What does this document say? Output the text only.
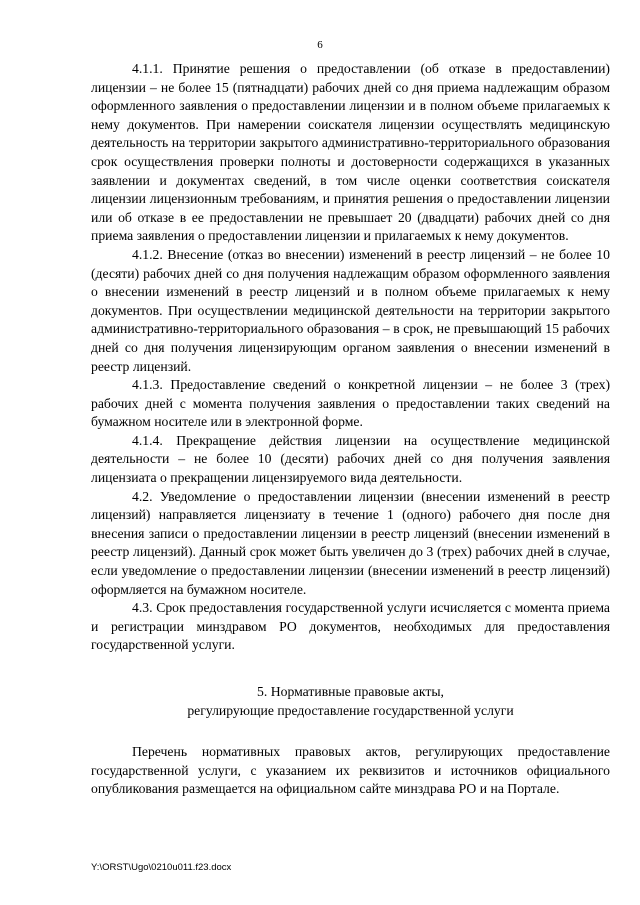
6

4.1.1. Принятие решения о предоставлении (об отказе в предоставлении) лицензии – не более 15 (пятнадцати) рабочих дней со дня приема надлежащим образом оформленного заявления о предоставлении лицензии и в полном объеме прилагаемых к нему документов. При намерении соискателя лицензии осуществлять медицинскую деятельность на территории закрытого административно-территориального образования срок осуществления проверки полноты и достоверности содержащихся в указанных заявлении и документах сведений, в том числе оценки соответствия соискателя лицензии лицензионным требованиям, и принятия решения о предоставлении лицензии или об отказе в ее предоставлении не превышает 20 (двадцати) рабочих дней со дня приема заявления о предоставлении лицензии и прилагаемых к нему документов.

4.1.2. Внесение (отказ во внесении) изменений в реестр лицензий – не более 10 (десяти) рабочих дней со дня получения надлежащим образом оформленного заявления о внесении изменений в реестр лицензий и в полном объеме прилагаемых к нему документов. При осуществлении медицинской деятельности на территории закрытого административно-территориального образования – в срок, не превышающий 15 рабочих дней со дня получения лицензирующим органом заявления о внесении изменений в реестр лицензий.

4.1.3. Предоставление сведений о конкретной лицензии – не более 3 (трех) рабочих дней с момента получения заявления о предоставлении таких сведений на бумажном носителе или в электронной форме.

4.1.4. Прекращение действия лицензии на осуществление медицинской деятельности – не более 10 (десяти) рабочих дней со дня получения заявления лицензиата о прекращении лицензируемого вида деятельности.

4.2. Уведомление о предоставлении лицензии (внесении изменений в реестр лицензий) направляется лицензиату в течение 1 (одного) рабочего дня после дня внесения записи о предоставлении лицензии в реестр лицензий (внесении изменений в реестр лицензий). Данный срок может быть увеличен до 3 (трех) рабочих дней в случае, если уведомление о предоставлении лицензии (внесении изменений в реестр лицензий) оформляется на бумажном носителе.

4.3. Срок предоставления государственной услуги исчисляется с момента приема и регистрации минздравом РО документов, необходимых для предоставления государственной услуги.

5. Нормативные правовые акты,
регулирующие предоставление государственной услуги

Перечень нормативных правовых актов, регулирующих предоставление государственной услуги, с указанием их реквизитов и источников официального опубликования размещается на официальном сайте минздрава РО и на Портале.

Y:\ORST\Ugo\0210u011.f23.docx
